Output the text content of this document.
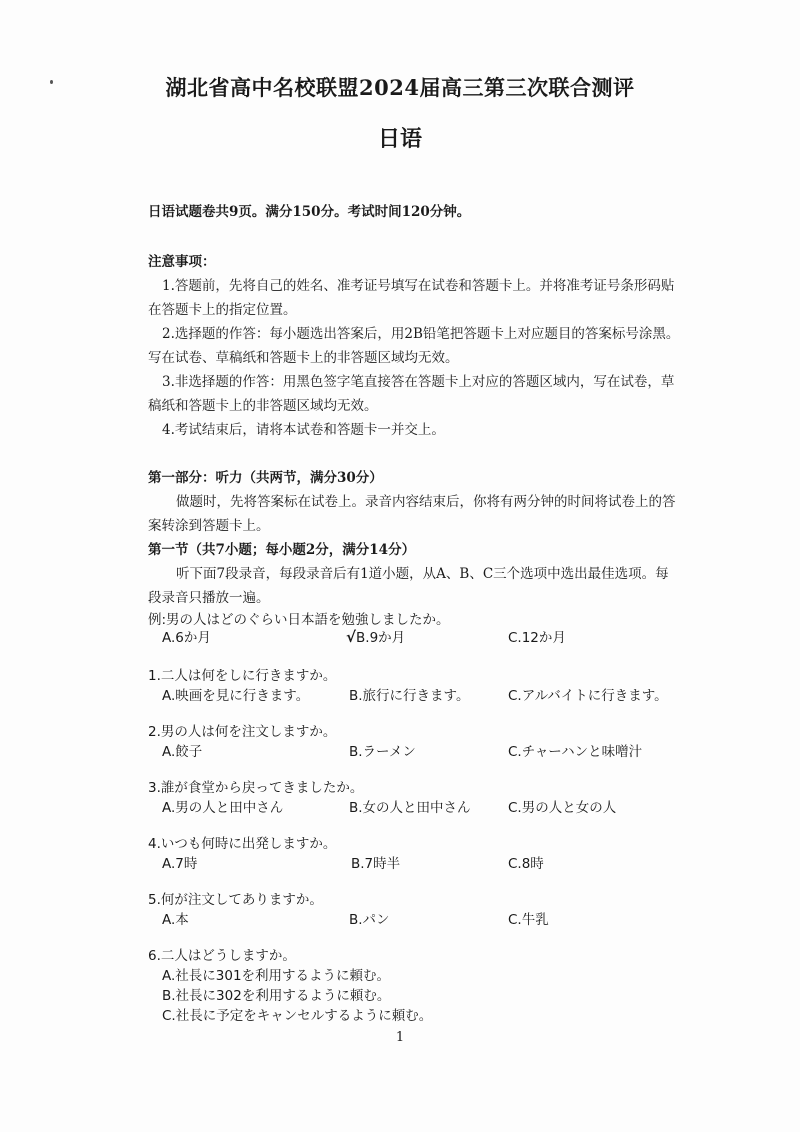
湖北省高中名校联盟2024届高三第三次联合测评
日语
日语试题卷共9页。满分150分。考试时间120分钟。
注意事项：
1.答题前，先将自己的姓名、准考证号填写在试卷和答题卡上。并将准考证号条形码贴
在答题卡上的指定位置。
2.选择题的作答：每小题选出答案后，用2B铅笔把答题卡上对应题目的答案标号涂黑。
写在试卷、草稿纸和答题卡上的非答题区域均无效。
3.非选择题的作答：用黑色签字笔直接答在答题卡上对应的答题区域内，写在试卷，草
稿纸和答题卡上的非答题区域均无效。
4.考试结束后，请将本试卷和答题卡一并交上。
第一部分：听力（共两节，满分30分）
做题时，先将答案标在试卷上。录音内容结束后，你将有两分钟的时间将试卷上的答
案转涂到答题卡上。
第一节（共7小题；每小题2分，满分14分）
听下面7段录音，每段录音后有1道小题，从A、B、C三个选项中选出最佳选项。每
段录音只播放一遍。
例:男の人はどのぐらい日本語を勉強しましたか。
A.6か月	√B.9か月	C.12か月
1.二人は何をしに行きますか。
A.映画を見に行きます。	B.旅行に行きます。	C.アルバイトに行きます。
2.男の人は何を注文しますか。
A.餃子	B.ラーメン	C.チャーハンと味噌汁
3.誰が食堂から戻ってきましたか。
A.男の人と田中さん	B.女の人と田中さん	C.男の人と女の人
4.いつも何時に出発しますか。
A.7時	B.7時半	C.8時
5.何が注文してありますか。
A.本	B.パン	C.牛乳
6.二人はどうしますか。
A.社長に301を利用するように頼む。
B.社長に302を利用するように頼む。
C.社長に予定をキャンセルするように頼む。
1
